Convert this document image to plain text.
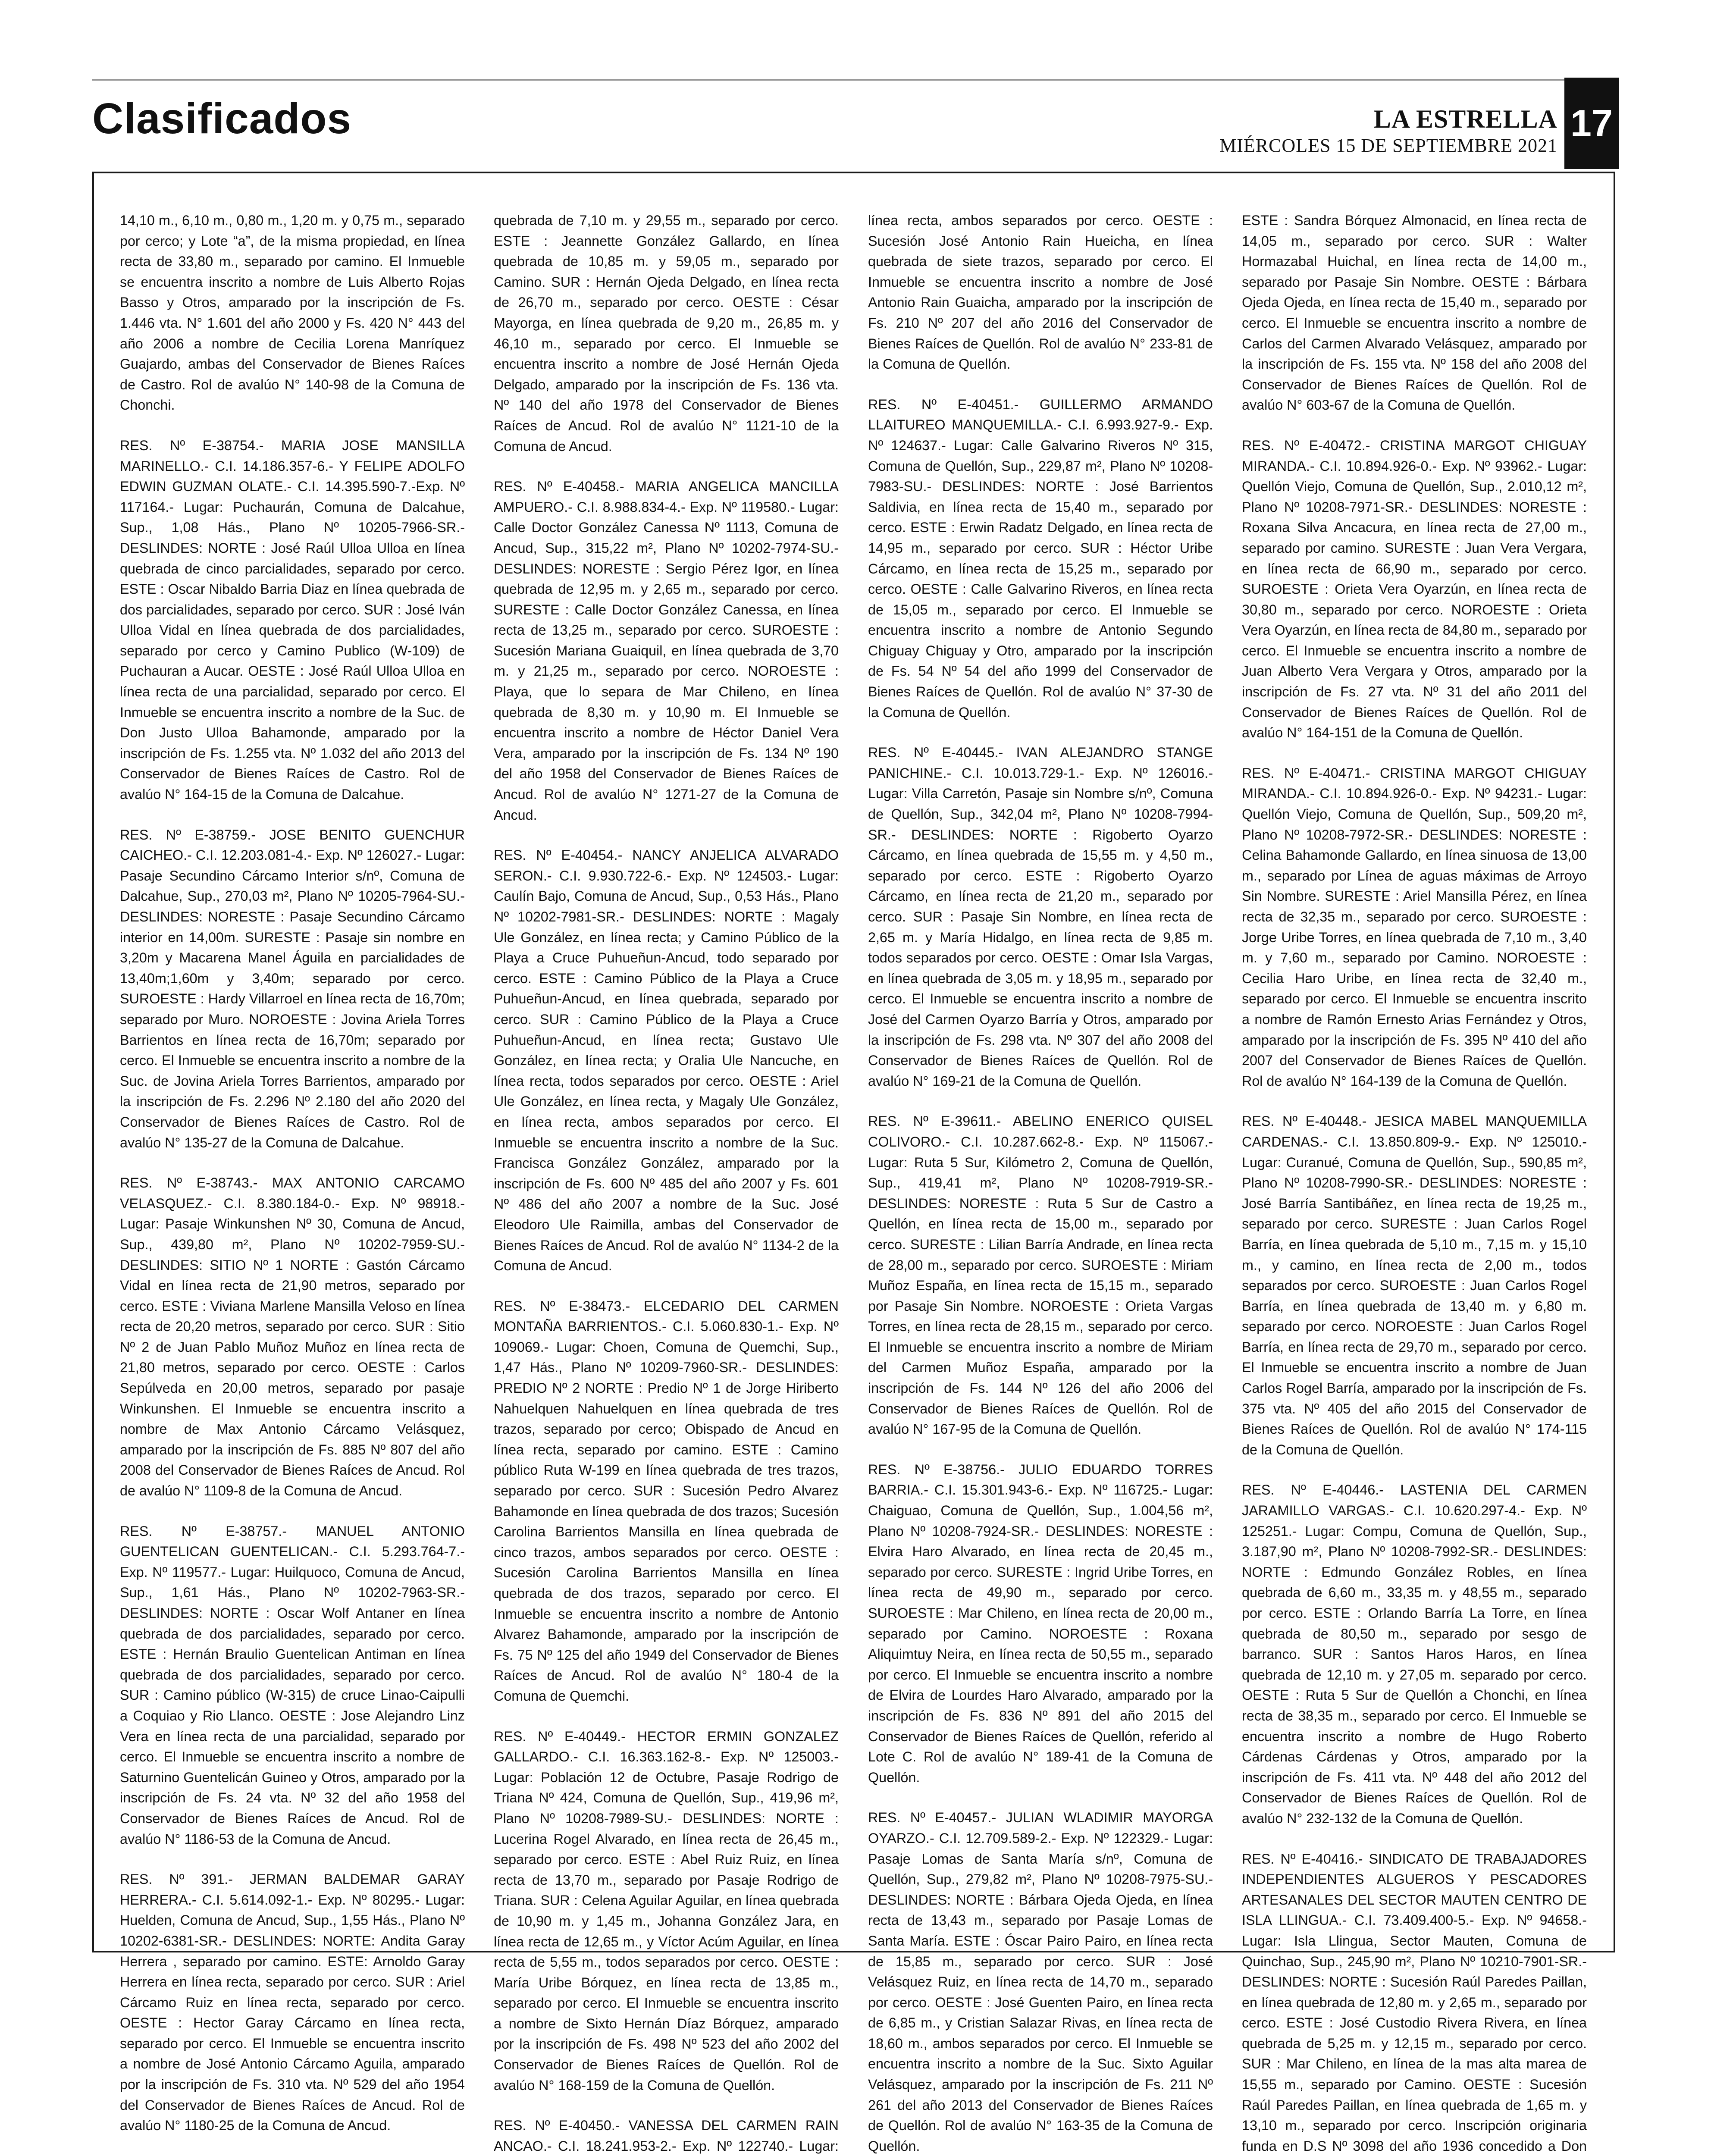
Clasificados	LA ESTRELLA
MIÉRCOLES 15 DE SEPTIEMBRE 2021
17

14,10 m., 6,10 m., 0,80 m., 1,20 m. y 0,75 m., separado por cerco; y Lote “a”, de la misma propiedad, en línea recta de 33,80 m., separado por camino. El Inmueble se encuentra inscrito a nombre de Luis Alberto Rojas Basso y Otros, amparado por la inscripción de Fs. 1.446 vta. N° 1.601 del año 2000 y Fs. 420 N° 443 del año 2006 a nombre de Cecilia Lorena Manríquez Guajardo, ambas del Conservador de Bienes Raíces de Castro. Rol de avalúo N° 140-98 de la Comuna de Chonchi.

RES. Nº E-38754.- MARIA JOSE MANSILLA MARINELLO.- C.I. 14.186.357-6.- Y FELIPE ADOLFO EDWIN GUZMAN OLATE.- C.I. 14.395.590-7.-Exp. Nº 117164.- Lugar: Puchaurán, Comuna de Dalcahue, Sup., 1,08 Hás., Plano Nº 10205-7966-SR.- DESLINDES: NORTE : José Raúl Ulloa Ulloa en línea quebrada de cinco parcialidades, separado por cerco. ESTE : Oscar Nibaldo Barria Diaz en línea quebrada de dos parcialidades, separado por cerco. SUR : José Iván Ulloa Vidal en línea quebrada de dos parcialidades, separado por cerco y Camino Publico (W-109) de Puchauran a Aucar. OESTE : José Raúl Ulloa Ulloa en línea recta de una parcialidad, separado por cerco. El Inmueble se encuentra inscrito a nombre de la Suc. de Don Justo Ulloa Bahamonde, amparado por la inscripción de Fs. 1.255 vta. Nº 1.032 del año 2013 del Conservador de Bienes Raíces de Castro. Rol de avalúo N° 164-15 de la Comuna de Dalcahue.

RES. Nº E-38759.- JOSE BENITO GUENCHUR CAICHEO.- C.I. 12.203.081-4.- Exp. Nº 126027.- Lugar: Pasaje Secundino Cárcamo Interior s/nº, Comuna de Dalcahue, Sup., 270,03 m², Plano Nº 10205-7964-SU.- DESLINDES: NORESTE : Pasaje Secundino Cárcamo interior en 14,00m. SURESTE : Pasaje sin nombre en 3,20m y Macarena Manel Águila en parcialidades de 13,40m;1,60m y 3,40m; separado por cerco. SUROESTE : Hardy Villarroel en línea recta de 16,70m; separado por Muro. NOROESTE : Jovina Ariela Torres Barrientos en línea recta de 16,70m; separado por cerco. El Inmueble se encuentra inscrito a nombre de la Suc. de Jovina Ariela Torres Barrientos, amparado por la inscripción de Fs. 2.296 Nº 2.180 del año 2020 del Conservador de Bienes Raíces de Castro. Rol de avalúo N° 135-27 de la Comuna de Dalcahue.

RES. Nº E-38743.- MAX ANTONIO CARCAMO VELASQUEZ.- C.I. 8.380.184-0.- Exp. Nº 98918.- Lugar: Pasaje Winkunshen Nº 30, Comuna de Ancud, Sup., 439,80 m², Plano Nº 10202-7959-SU.- DESLINDES: SITIO Nº 1 NORTE : Gastón Cárcamo Vidal en línea recta de 21,90 metros, separado por cerco. ESTE : Viviana Marlene Mansilla Veloso en línea recta de 20,20 metros, separado por cerco. SUR : Sitio Nº 2 de Juan Pablo Muñoz Muñoz en línea recta de 21,80 metros, separado por cerco. OESTE : Carlos Sepúlveda en 20,00 metros, separado por pasaje Winkunshen. El Inmueble se encuentra inscrito a nombre de Max Antonio Cárcamo Velásquez, amparado por la inscripción de Fs. 885 Nº 807 del año 2008 del Conservador de Bienes Raíces de Ancud. Rol de avalúo N° 1109-8 de la Comuna de Ancud.

RES. Nº E-38757.- MANUEL ANTONIO GUENTELICAN GUENTELICAN.- C.I. 5.293.764-7.- Exp. Nº 119577.- Lugar: Huilquoco, Comuna de Ancud, Sup., 1,61 Hás., Plano Nº 10202-7963-SR.- DESLINDES: NORTE : Oscar Wolf Antaner en línea quebrada de dos parcialidades, separado por cerco. ESTE : Hernán Braulio Guentelican Antiman en línea quebrada de dos parcialidades, separado por cerco. SUR : Camino público (W-315) de cruce Linao-Caipulli a Coquiao y Rio Llanco. OESTE : Jose Alejandro Linz Vera en línea recta de una parcialidad, separado por cerco. El Inmueble se encuentra inscrito a nombre de Saturnino Guentelicán Guineo y Otros, amparado por la inscripción de Fs. 24 vta. Nº 32 del año 1958 del Conservador de Bienes Raíces de Ancud. Rol de avalúo N° 1186-53 de la Comuna de Ancud.

RES. Nº 391.- JERMAN BALDEMAR GARAY HERRERA.- C.I. 5.614.092-1.- Exp. Nº 80295.- Lugar: Huelden, Comuna de Ancud, Sup., 1,55 Hás., Plano Nº 10202-6381-SR.- DESLINDES: NORTE: Andita Garay Herrera , separado por camino. ESTE: Arnoldo Garay Herrera en línea recta, separado por cerco. SUR : Ariel Cárcamo Ruiz en línea recta, separado por cerco. OESTE : Hector Garay Cárcamo en línea recta, separado por cerco. El Inmueble se encuentra inscrito a nombre de José Antonio Cárcamo Aguila, amparado por la inscripción de Fs. 310 vta. Nº 529 del año 1954 del Conservador de Bienes Raíces de Ancud. Rol de avalúo N° 1180-25 de la Comuna de Ancud.

quebrada de 7,10 m. y 29,55 m., separado por cerco. ESTE : Jeannette González Gallardo, en línea quebrada de 10,85 m. y 59,05 m., separado por Camino. SUR : Hernán Ojeda Delgado, en línea recta de 26,70 m., separado por cerco. OESTE : César Mayorga, en línea quebrada de 9,20 m., 26,85 m. y 46,10 m., separado por cerco. El Inmueble se encuentra inscrito a nombre de José Hernán Ojeda Delgado, amparado por la inscripción de Fs. 136 vta. Nº 140 del año 1978 del Conservador de Bienes Raíces de Ancud. Rol de avalúo N° 1121-10 de la Comuna de Ancud.

RES. Nº E-40458.- MARIA ANGELICA MANCILLA AMPUERO.- C.I. 8.988.834-4.- Exp. Nº 119580.- Lugar: Calle Doctor González Canessa Nº 1113, Comuna de Ancud, Sup., 315,22 m², Plano Nº 10202-7974-SU.- DESLINDES: NORESTE : Sergio Pérez Igor, en línea quebrada de 12,95 m. y 2,65 m., separado por cerco. SURESTE : Calle Doctor González Canessa, en línea recta de 13,25 m., separado por cerco. SUROESTE : Sucesión Mariana Guaiquil, en línea quebrada de 3,70 m. y 21,25 m., separado por cerco. NOROESTE : Playa, que lo separa de Mar Chileno, en línea quebrada de 8,30 m. y 10,90 m. El Inmueble se encuentra inscrito a nombre de Héctor Daniel Vera Vera, amparado por la inscripción de Fs. 134 Nº 190 del año 1958 del Conservador de Bienes Raíces de Ancud. Rol de avalúo N° 1271-27 de la Comuna de Ancud.

RES. Nº E-40454.- NANCY ANJELICA ALVARADO SERON.- C.I. 9.930.722-6.- Exp. Nº 124503.- Lugar: Caulín Bajo, Comuna de Ancud, Sup., 0,53 Hás., Plano Nº 10202-7981-SR.- DESLINDES: NORTE : Magaly Ule González, en línea recta; y Camino Público de la Playa a Cruce Puhueñun-Ancud, todo separado por cerco. ESTE : Camino Público de la Playa a Cruce Puhueñun-Ancud, en línea quebrada, separado por cerco. SUR : Camino Público de la Playa a Cruce Puhueñun-Ancud, en línea recta; Gustavo Ule González, en línea recta; y Oralia Ule Nancuche, en línea recta, todos separados por cerco. OESTE : Ariel Ule González, en línea recta, y Magaly Ule González, en línea recta, ambos separados por cerco. El Inmueble se encuentra inscrito a nombre de la Suc. Francisca González González, amparado por la inscripción de Fs. 600 Nº 485 del año 2007 y Fs. 601 Nº 486 del año 2007 a nombre de la Suc. José Eleodoro Ule Raimilla, ambas del Conservador de Bienes Raíces de Ancud. Rol de avalúo N° 1134-2 de la Comuna de Ancud.

RES. Nº E-38473.- ELCEDARIO DEL CARMEN MONTAÑA BARRIENTOS.- C.I. 5.060.830-1.- Exp. Nº 109069.- Lugar: Choen, Comuna de Quemchi, Sup., 1,47 Hás., Plano Nº 10209-7960-SR.- DESLINDES: PREDIO Nº 2 NORTE : Predio Nº 1 de Jorge Hiriberto Nahuelquen Nahuelquen en línea quebrada de tres trazos, separado por cerco; Obispado de Ancud en línea recta, separado por camino. ESTE : Camino público Ruta W-199 en línea quebrada de tres trazos, separado por cerco. SUR : Sucesión Pedro Alvarez Bahamonde en línea quebrada de dos trazos; Sucesión Carolina Barrientos Mansilla en línea quebrada de cinco trazos, ambos separados por cerco. OESTE : Sucesión Carolina Barrientos Mansilla en línea quebrada de dos trazos, separado por cerco. El Inmueble se encuentra inscrito a nombre de Antonio Alvarez Bahamonde, amparado por la inscripción de Fs. 75 Nº 125 del año 1949 del Conservador de Bienes Raíces de Ancud. Rol de avalúo N° 180-4 de la Comuna de Quemchi.

RES. Nº E-40449.- HECTOR ERMIN GONZALEZ GALLARDO.- C.I. 16.363.162-8.- Exp. Nº 125003.- Lugar: Población 12 de Octubre, Pasaje Rodrigo de Triana Nº 424, Comuna de Quellón, Sup., 419,96 m², Plano Nº 10208-7989-SU.- DESLINDES: NORTE : Lucerina Rogel Alvarado, en línea recta de 26,45 m., separado por cerco. ESTE : Abel Ruiz Ruiz, en línea recta de 13,70 m., separado por Pasaje Rodrigo de Triana. SUR : Celena Aguilar Aguilar, en línea quebrada de 10,90 m. y 1,45 m., Johanna González Jara, en línea recta de 12,65 m., y Víctor Acúm Aguilar, en línea recta de 5,55 m., todos separados por cerco. OESTE : María Uribe Bórquez, en línea recta de 13,85 m., separado por cerco. El Inmueble se encuentra inscrito a nombre de Sixto Hernán Díaz Bórquez, amparado por la inscripción de Fs. 498 Nº 523 del año 2002 del Conservador de Bienes Raíces de Quellón. Rol de avalúo N° 168-159 de la Comuna de Quellón.

RES. Nº E-40450.- VANESSA DEL CARMEN RAIN ANCAO.- C.I. 18.241.953-2.- Exp. Nº 122740.- Lugar:

línea recta, ambos separados por cerco. OESTE : Sucesión José Antonio Rain Hueicha, en línea quebrada de siete trazos, separado por cerco. El Inmueble se encuentra inscrito a nombre de José Antonio Rain Guaicha, amparado por la inscripción de Fs. 210 Nº 207 del año 2016 del Conservador de Bienes Raíces de Quellón. Rol de avalúo N° 233-81 de la Comuna de Quellón.

RES. Nº E-40451.- GUILLERMO ARMANDO LLAITUREO MANQUEMILLA.- C.I. 6.993.927-9.- Exp. Nº 124637.- Lugar: Calle Galvarino Riveros Nº 315, Comuna de Quellón, Sup., 229,87 m², Plano Nº 10208-7983-SU.- DESLINDES: NORTE : José Barrientos Saldivia, en línea recta de 15,40 m., separado por cerco. ESTE : Erwin Radatz Delgado, en línea recta de 14,95 m., separado por cerco. SUR : Héctor Uribe Cárcamo, en línea recta de 15,25 m., separado por cerco. OESTE : Calle Galvarino Riveros, en línea recta de 15,05 m., separado por cerco. El Inmueble se encuentra inscrito a nombre de Antonio Segundo Chiguay Chiguay y Otro, amparado por la inscripción de Fs. 54 Nº 54 del año 1999 del Conservador de Bienes Raíces de Quellón. Rol de avalúo N° 37-30 de la Comuna de Quellón.

RES. Nº E-40445.- IVAN ALEJANDRO STANGE PANICHINE.- C.I. 10.013.729-1.- Exp. Nº 126016.- Lugar: Villa Carretón, Pasaje sin Nombre s/nº, Comuna de Quellón, Sup., 342,04 m², Plano Nº 10208-7994-SR.- DESLINDES: NORTE : Rigoberto Oyarzo Cárcamo, en línea quebrada de 15,55 m. y 4,50 m., separado por cerco. ESTE : Rigoberto Oyarzo Cárcamo, en línea recta de 21,20 m., separado por cerco. SUR : Pasaje Sin Nombre, en línea recta de 2,65 m. y María Hidalgo, en línea recta de 9,85 m. todos separados por cerco. OESTE : Omar Isla Vargas, en línea quebrada de 3,05 m. y 18,95 m., separado por cerco. El Inmueble se encuentra inscrito a nombre de José del Carmen Oyarzo Barría y Otros, amparado por la inscripción de Fs. 298 vta. Nº 307 del año 2008 del Conservador de Bienes Raíces de Quellón. Rol de avalúo N° 169-21 de la Comuna de Quellón.

RES. Nº E-39611.- ABELINO ENERICO QUISEL COLIVORO.- C.I. 10.287.662-8.- Exp. Nº 115067.- Lugar: Ruta 5 Sur, Kilómetro 2, Comuna de Quellón, Sup., 419,41 m², Plano Nº 10208-7919-SR.- DESLINDES: NORESTE : Ruta 5 Sur de Castro a Quellón, en línea recta de 15,00 m., separado por cerco. SURESTE : Lilian Barría Andrade, en línea recta de 28,00 m., separado por cerco. SUROESTE : Miriam Muñoz España, en línea recta de 15,15 m., separado por Pasaje Sin Nombre. NOROESTE : Orieta Vargas Torres, en línea recta de 28,15 m., separado por cerco. El Inmueble se encuentra inscrito a nombre de Miriam del Carmen Muñoz España, amparado por la inscripción de Fs. 144 Nº 126 del año 2006 del Conservador de Bienes Raíces de Quellón. Rol de avalúo N° 167-95 de la Comuna de Quellón.

RES. Nº E-38756.- JULIO EDUARDO TORRES BARRIA.- C.I. 15.301.943-6.- Exp. Nº 116725.- Lugar: Chaiguao, Comuna de Quellón, Sup., 1.004,56 m², Plano Nº 10208-7924-SR.- DESLINDES: NORESTE : Elvira Haro Alvarado, en línea recta de 20,45 m., separado por cerco. SURESTE : Ingrid Uribe Torres, en línea recta de 49,90 m., separado por cerco. SUROESTE : Mar Chileno, en línea recta de 20,00 m., separado por Camino. NOROESTE : Roxana Aliquimtuy Neira, en línea recta de 50,55 m., separado por cerco. El Inmueble se encuentra inscrito a nombre de Elvira de Lourdes Haro Alvarado, amparado por la inscripción de Fs. 836 Nº 891 del año 2015 del Conservador de Bienes Raíces de Quellón, referido al Lote C. Rol de avalúo N° 189-41 de la Comuna de Quellón.

RES. Nº E-40457.- JULIAN WLADIMIR MAYORGA OYARZO.- C.I. 12.709.589-2.- Exp. Nº 122329.- Lugar: Pasaje Lomas de Santa María s/nº, Comuna de Quellón, Sup., 279,82 m², Plano Nº 10208-7975-SU.- DESLINDES: NORTE : Bárbara Ojeda Ojeda, en línea recta de 13,43 m., separado por Pasaje Lomas de Santa María. ESTE : Óscar Pairo Pairo, en línea recta de 15,85 m., separado por cerco. SUR : José Velásquez Ruiz, en línea recta de 14,70 m., separado por cerco. OESTE : José Guenten Pairo, en línea recta de 6,85 m., y Cristian Salazar Rivas, en línea recta de 18,60 m., ambos separados por cerco. El Inmueble se encuentra inscrito a nombre de la Suc. Sixto Aguilar Velásquez, amparado por la inscripción de Fs. 211 Nº 261 del año 2013 del Conservador de Bienes Raíces de Quellón. Rol de avalúo N° 163-35 de la Comuna de Quellón.

ESTE : Sandra Bórquez Almonacid, en línea recta de 14,05 m., separado por cerco. SUR : Walter Hormazabal Huichal, en línea recta de 14,00 m., separado por Pasaje Sin Nombre. OESTE : Bárbara Ojeda Ojeda, en línea recta de 15,40 m., separado por cerco. El Inmueble se encuentra inscrito a nombre de Carlos del Carmen Alvarado Velásquez, amparado por la inscripción de Fs. 155 vta. Nº 158 del año 2008 del Conservador de Bienes Raíces de Quellón. Rol de avalúo N° 603-67 de la Comuna de Quellón.

RES. Nº E-40472.- CRISTINA MARGOT CHIGUAY MIRANDA.- C.I. 10.894.926-0.- Exp. Nº 93962.- Lugar: Quellón Viejo, Comuna de Quellón, Sup., 2.010,12 m², Plano Nº 10208-7971-SR.- DESLINDES: NORESTE : Roxana Silva Ancacura, en línea recta de 27,00 m., separado por camino. SURESTE : Juan Vera Vergara, en línea recta de 66,90 m., separado por cerco. SUROESTE : Orieta Vera Oyarzún, en línea recta de 30,80 m., separado por cerco. NOROESTE : Orieta Vera Oyarzún, en línea recta de 84,80 m., separado por cerco. El Inmueble se encuentra inscrito a nombre de Juan Alberto Vera Vergara y Otros, amparado por la inscripción de Fs. 27 vta. Nº 31 del año 2011 del Conservador de Bienes Raíces de Quellón. Rol de avalúo N° 164-151 de la Comuna de Quellón.

RES. Nº E-40471.- CRISTINA MARGOT CHIGUAY MIRANDA.- C.I. 10.894.926-0.- Exp. Nº 94231.- Lugar: Quellón Viejo, Comuna de Quellón, Sup., 509,20 m², Plano Nº 10208-7972-SR.- DESLINDES: NORESTE : Celina Bahamonde Gallardo, en línea sinuosa de 13,00 m., separado por Línea de aguas máximas de Arroyo Sin Nombre. SURESTE : Ariel Mansilla Pérez, en línea recta de 32,35 m., separado por cerco. SUROESTE : Jorge Uribe Torres, en línea quebrada de 7,10 m., 3,40 m. y 7,60 m., separado por Camino. NOROESTE : Cecilia Haro Uribe, en línea recta de 32,40 m., separado por cerco. El Inmueble se encuentra inscrito a nombre de Ramón Ernesto Arias Fernández y Otros, amparado por la inscripción de Fs. 395 Nº 410 del año 2007 del Conservador de Bienes Raíces de Quellón. Rol de avalúo N° 164-139 de la Comuna de Quellón.

RES. Nº E-40448.- JESICA MABEL MANQUEMILLA CARDENAS.- C.I. 13.850.809-9.- Exp. Nº 125010.- Lugar: Curanué, Comuna de Quellón, Sup., 590,85 m², Plano Nº 10208-7990-SR.- DESLINDES: NORESTE : José Barría Santibáñez, en línea recta de 19,25 m., separado por cerco. SURESTE : Juan Carlos Rogel Barría, en línea quebrada de 5,10 m., 7,15 m. y 15,10 m., y camino, en línea recta de 2,00 m., todos separados por cerco. SUROESTE : Juan Carlos Rogel Barría, en línea quebrada de 13,40 m. y 6,80 m. separado por cerco. NOROESTE : Juan Carlos Rogel Barría, en línea recta de 29,70 m., separado por cerco. El Inmueble se encuentra inscrito a nombre de Juan Carlos Rogel Barría, amparado por la inscripción de Fs. 375 vta. Nº 405 del año 2015 del Conservador de Bienes Raíces de Quellón. Rol de avalúo N° 174-115 de la Comuna de Quellón.

RES. Nº E-40446.- LASTENIA DEL CARMEN JARAMILLO VARGAS.- C.I. 10.620.297-4.- Exp. Nº 125251.- Lugar: Compu, Comuna de Quellón, Sup., 3.187,90 m², Plano Nº 10208-7992-SR.- DESLINDES: NORTE : Edmundo González Robles, en línea quebrada de 6,60 m., 33,35 m. y 48,55 m., separado por cerco. ESTE : Orlando Barría La Torre, en línea quebrada de 80,50 m., separado por sesgo de barranco. SUR : Santos Haros Haros, en línea quebrada de 12,10 m. y 27,05 m. separado por cerco. OESTE : Ruta 5 Sur de Quellón a Chonchi, en línea recta de 38,35 m., separado por cerco. El Inmueble se encuentra inscrito a nombre de Hugo Roberto Cárdenas Cárdenas y Otros, amparado por la inscripción de Fs. 411 vta. Nº 448 del año 2012 del Conservador de Bienes Raíces de Quellón. Rol de avalúo N° 232-132 de la Comuna de Quellón.

RES. Nº E-40416.- SINDICATO DE TRABAJADORES INDEPENDIENTES ALGUEROS Y PESCADORES ARTESANALES DEL SECTOR MAUTEN CENTRO DE ISLA LLINGUA.- C.I. 73.409.400-5.- Exp. Nº 94658.- Lugar: Isla Llingua, Sector Mauten, Comuna de Quinchao, Sup., 245,90 m², Plano Nº 10210-7901-SR.- DESLINDES: NORTE : Sucesión Raúl Paredes Paillan, en línea quebrada de 12,80 m. y 2,65 m., separado por cerco. ESTE : José Custodio Rivera Rivera, en línea quebrada de 5,25 m. y 12,15 m., separado por cerco. SUR : Mar Chileno, en línea de la mas alta marea de 15,55 m., separado por Camino. OESTE : Sucesión Raúl Paredes Paillan, en línea quebrada de 1,65 m. y 13,10 m., separado por cerco. Inscripción originaria funda en D.S Nº 3098 del año 1936 concedido a Don
